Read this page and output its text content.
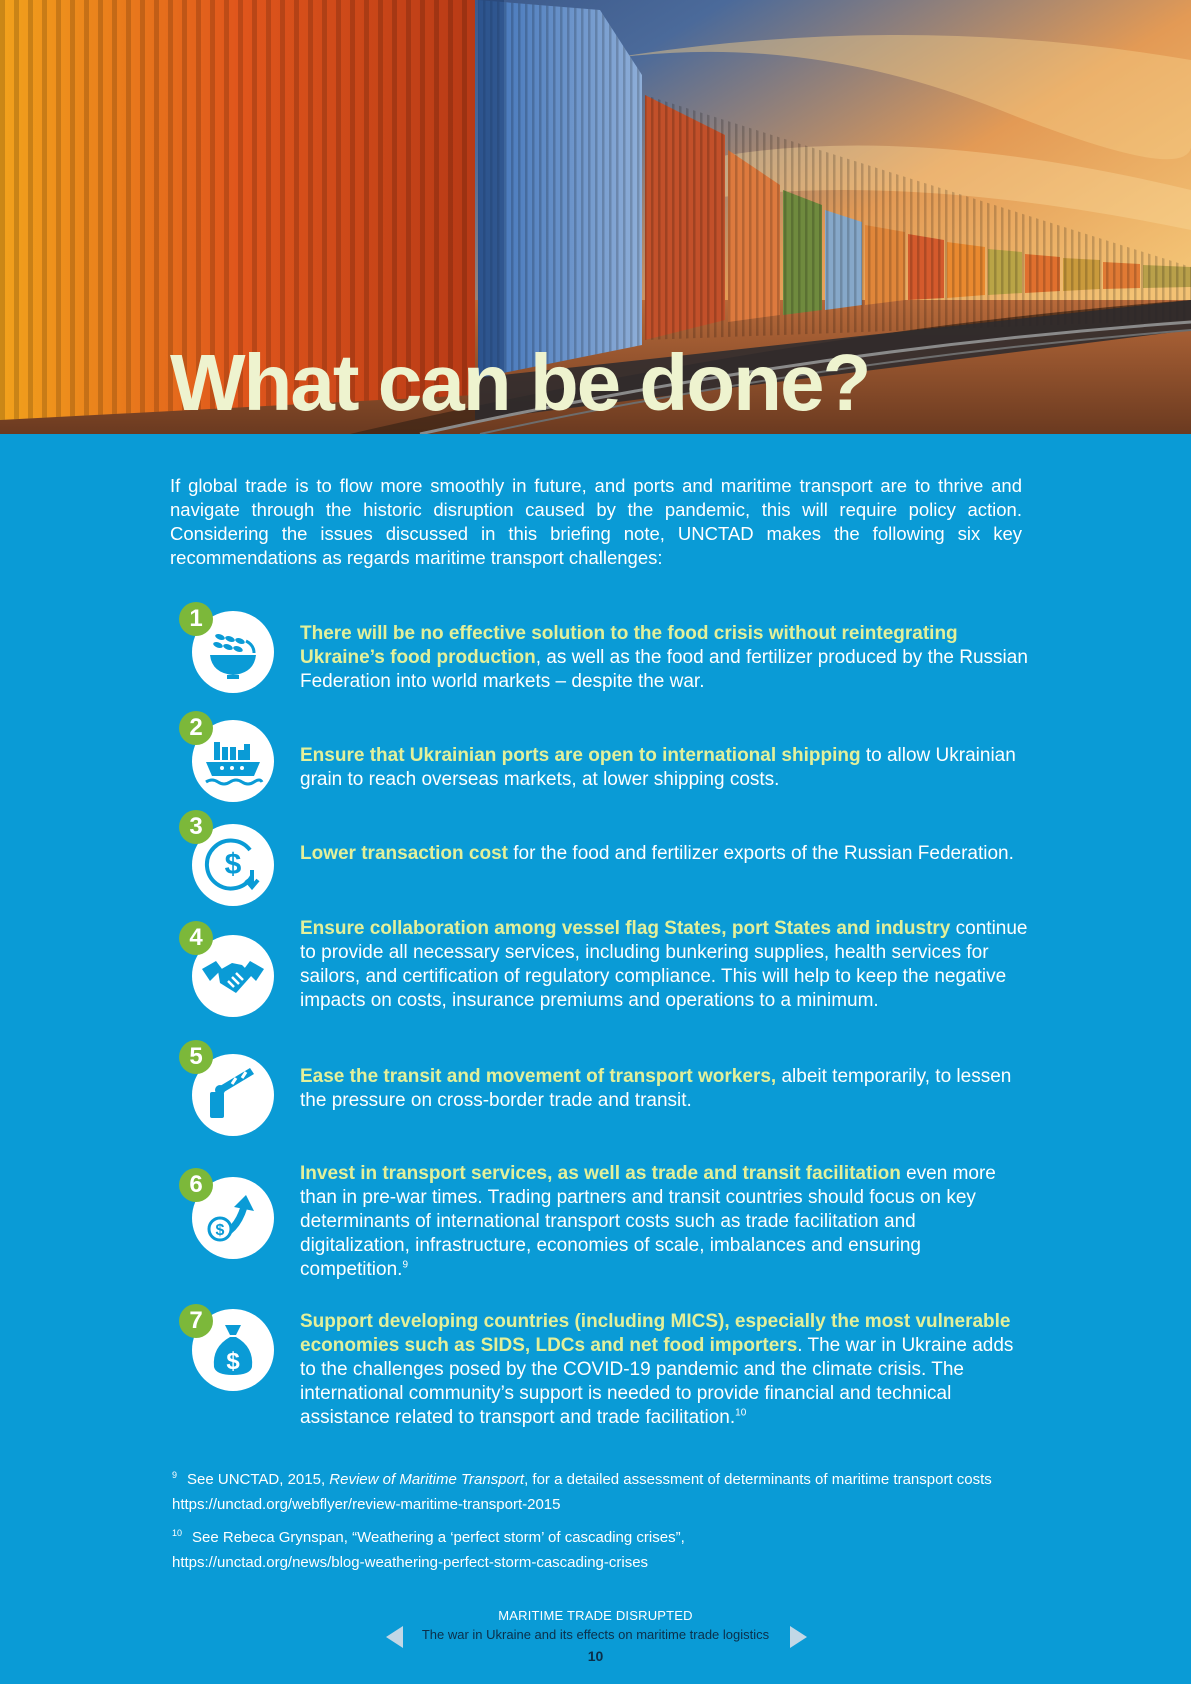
What can be done?

If global trade is to flow more smoothly in future, and ports and maritime transport are to thrive and navigate through the historic disruption caused by the pandemic, this will require policy action. Considering the issues discussed in this briefing note, UNCTAD makes the following six key recommendations as regards maritime transport challenges:

1

There will be no effective solution to the food crisis without reintegrating Ukraine’s food production, as well as the food and fertilizer produced by the Russian Federation into world markets – despite the war.

2

Ensure that Ukrainian ports are open to international shipping to allow Ukrainian grain to reach overseas markets, at lower shipping costs.

$
3

Lower transaction cost for the food and fertilizer exports of the Russian Federation.

4	Ensure collaboration among vessel flag States, port States and industry continue to provide all necessary services, including bunkering supplies, health services for sailors, and certification of regulatory compliance. This will help to keep the negative impacts on costs, insurance premiums and operations to a minimum.

5

Ease the transit and movement of transport workers, albeit temporarily, to lessen the pressure on cross-border trade and transit.

$
6	Invest in transport services, as well as trade and transit facilitation even more than in pre-war times. Trading partners and transit countries should focus on key determinants of international transport costs such as trade facilitation and digitalization, infrastructure, economies of scale, imbalances and ensuring competition.$^9$

$
7	Support developing countries (including MICS), especially the most vulnerable economies such as SIDS, LDCs and net food importers. The war in Ukraine adds to the challenges posed by the COVID-19 pandemic and the climate crisis. The international community’s support is needed to provide financial and technical assistance related to transport and trade facilitation.$^{10}$

$^9$ See UNCTAD, 2015, Review of Maritime Transport, for a detailed assessment of determinants of maritime transport costs
https://unctad.org/webflyer/review-maritime-transport-2015
$^{10}$ See Rebeca Grynspan, “Weathering a ‘perfect storm’ of cascading crises”,
https://unctad.org/news/blog-weathering-perfect-storm-cascading-crises
MARITIME TRADE DISRUPTED
The war in Ukraine and its effects on maritime trade logistics
10
